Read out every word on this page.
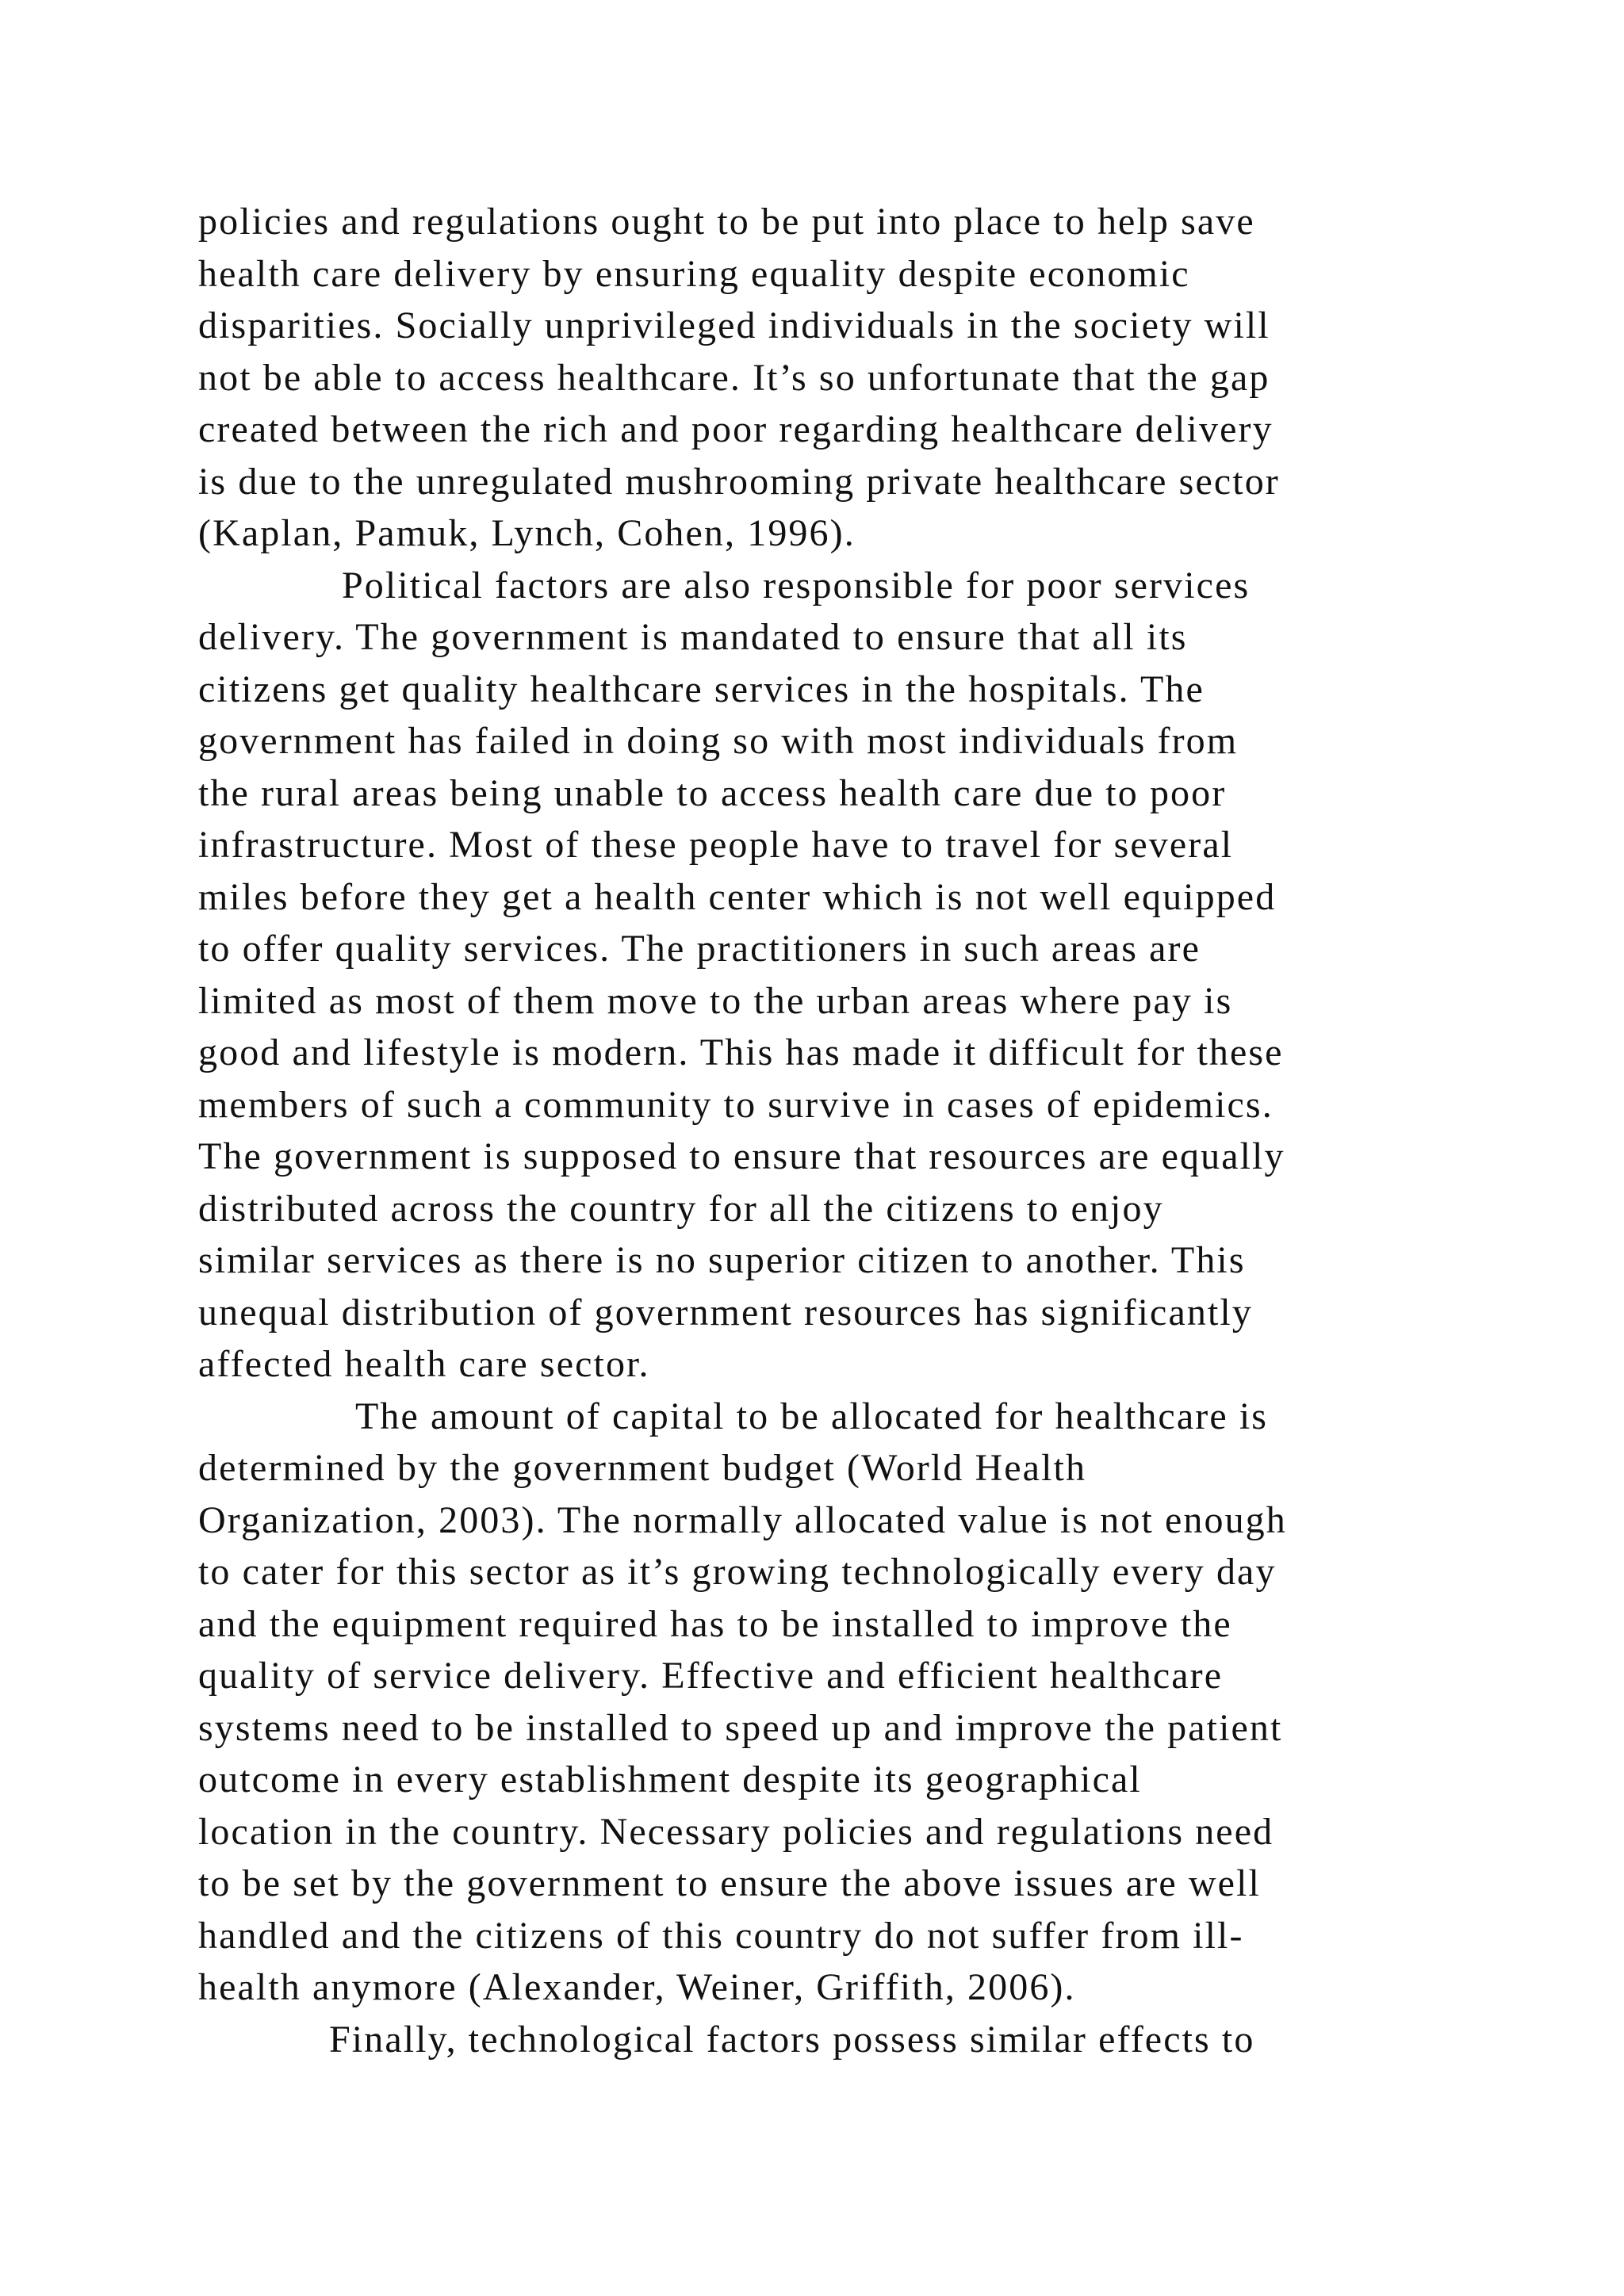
policies and regulations ought to be put into place to help save
health care delivery by ensuring equality despite economic
disparities. Socially unprivileged individuals in the society will
not be able to access healthcare. It’s so unfortunate that the gap
created between the rich and poor regarding healthcare delivery
is due to the unregulated mushrooming private healthcare sector
(Kaplan, Pamuk, Lynch, Cohen, 1996).
Political factors are also responsible for poor services
delivery. The government is mandated to ensure that all its
citizens get quality healthcare services in the hospitals. The
government has failed in doing so with most individuals from
the rural areas being unable to access health care due to poor
infrastructure. Most of these people have to travel for several
miles before they get a health center which is not well equipped
to offer quality services. The practitioners in such areas are
limited as most of them move to the urban areas where pay is
good and lifestyle is modern. This has made it difficult for these
members of such a community to survive in cases of epidemics.
The government is supposed to ensure that resources are equally
distributed across the country for all the citizens to enjoy
similar services as there is no superior citizen to another. This
unequal distribution of government resources has significantly
affected health care sector.
The amount of capital to be allocated for healthcare is
determined by the government budget (World Health
Organization, 2003). The normally allocated value is not enough
to cater for this sector as it’s growing technologically every day
and the equipment required has to be installed to improve the
quality of service delivery. Effective and efficient healthcare
systems need to be installed to speed up and improve the patient
outcome in every establishment despite its geographical
location in the country. Necessary policies and regulations need
to be set by the government to ensure the above issues are well
handled and the citizens of this country do not suffer from ill-
health anymore (Alexander, Weiner, Griffith, 2006).
Finally, technological factors possess similar effects to
